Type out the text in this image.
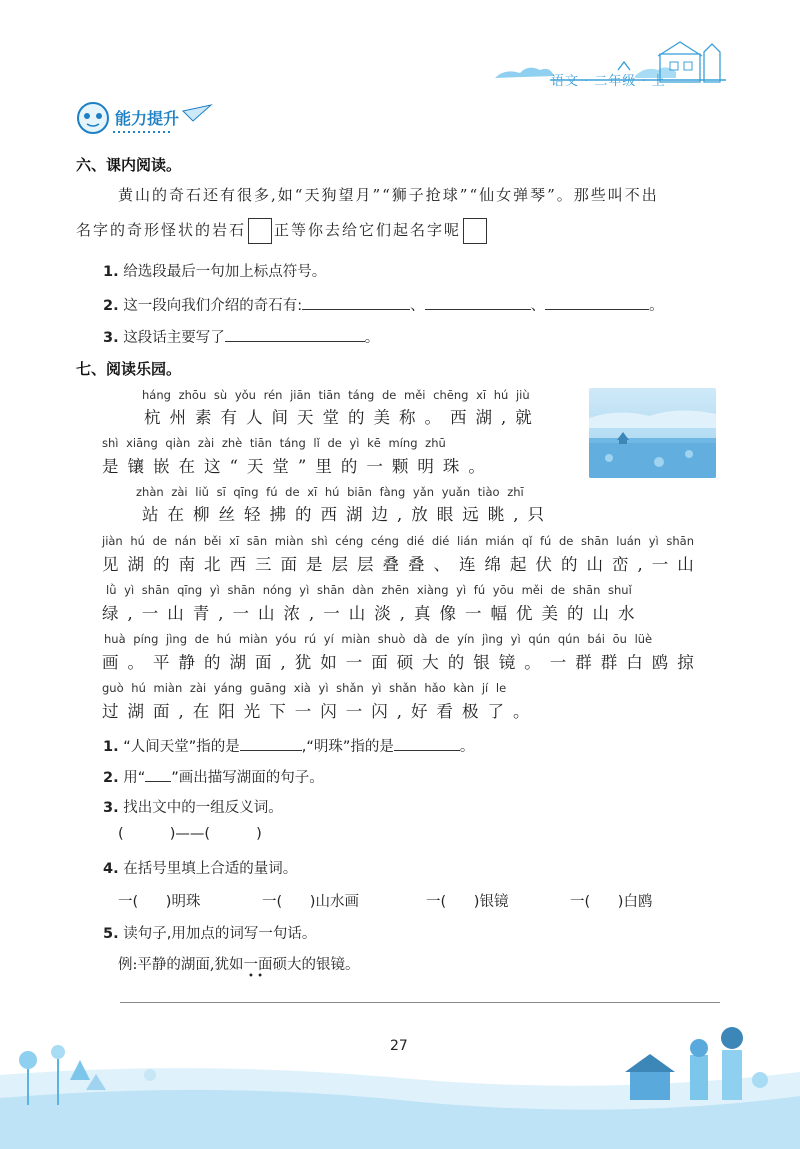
语文 · 二年级 · 上
能力提升
六、课内阅读。
黄山的奇石还有很多,如“天狗望月”“狮子抢球”“仙女弹琴”。那些叫不出
名字的奇形怪状的岩石 正等你去给它们起名字呢
1. 给选段最后一句加上标点符号。
2. 这一段向我们介绍的奇石有:	、	、	。
3. 这段话主要写了	。
七、阅读乐园。
háng zhōu sù yǒu rén jiān tiān táng de měi chēng xī hú jiù
杭州素有人间天堂的美称。西湖,就
shì xiāng qiàn zài zhè tiān táng lǐ de yì kē míng zhū
是镶嵌在这“天堂”里的一颗明珠。
zhàn zài liǔ sī qīng fú de xī hú biān fàng yǎn yuǎn tiào zhī
站在柳丝轻拂的西湖边,放眼远眺,只
jiàn hú de nán běi xī sān miàn shì céng céng dié dié lián mián qǐ fú de shān luán yì shān
见湖的南北西三面是层层叠叠、连绵起伏的山峦,一山
lǜ yì shān qīng yì shān nóng yì shān dàn zhēn xiàng yì fú yōu měi de shān shuǐ
绿,一山青,一山浓,一山淡,真像一幅优美的山水
huà píng jìng de hú miàn yóu rú yí miàn shuò dà de yín jìng yì qún qún bái ōu lüè
画。平静的湖面,犹如一面硕大的银镜。一群群白鸥掠
guò hú miàn zài yáng guāng xià yì shǎn yì shǎn hǎo kàn jí le
过湖面,在阳光下一闪一闪,好看极了。
1. “人间天堂”指的是	,“明珠”指的是	。
2. 用“ ”画出描写湖面的句子。
3. 找出文中的一组反义词。
(          )——(          )
4. 在括号里填上合适的量词。
一(      )明珠	一(      )山水画	一(      )银镜	一(      )白鸥
5. 读句子,用加点的词写一句话。
例:平静的湖面,犹如一面硕大的银镜。
• •
27
